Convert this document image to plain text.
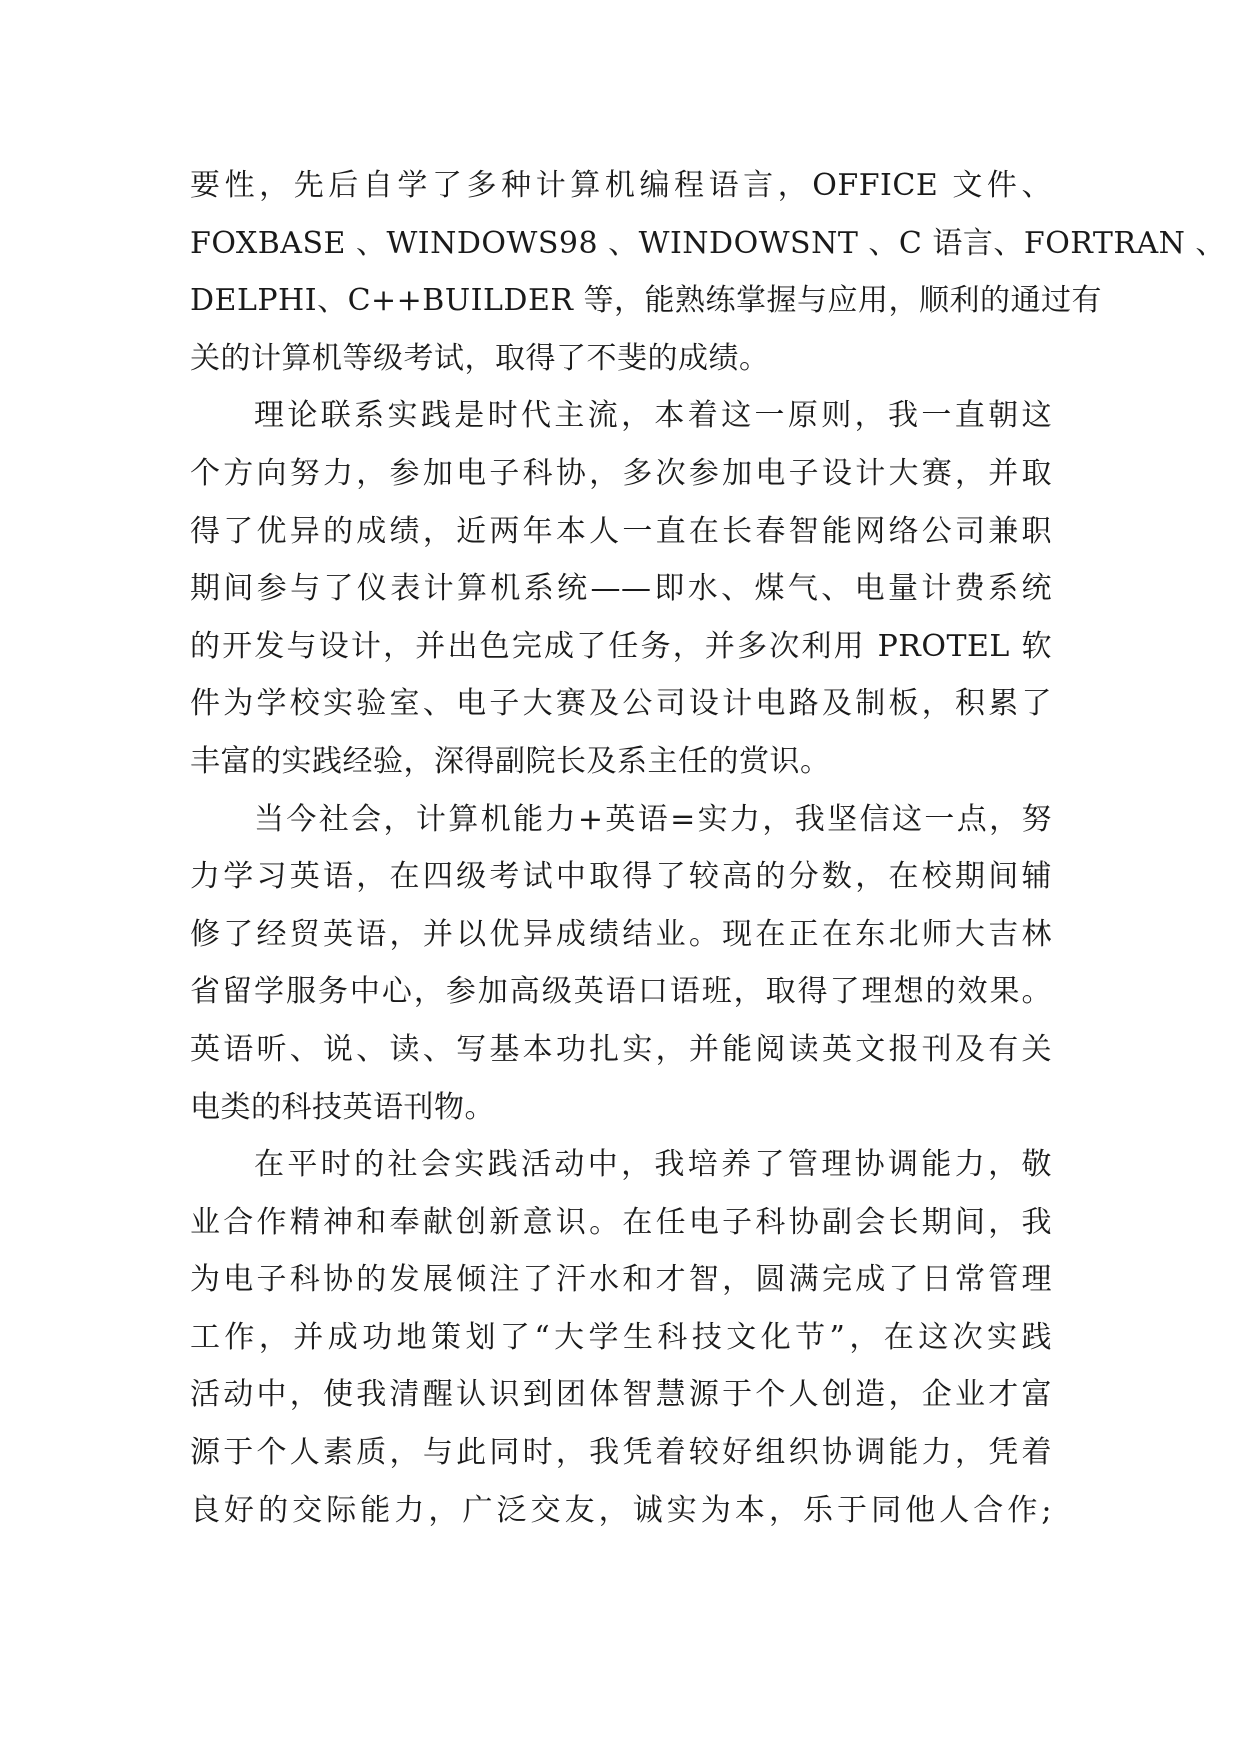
要性，先后自学了多种计算机编程语言，OFFICE 文件、
FOXBASE 、WINDOWS98 、WINDOWSNT 、C 语言、FORTRAN 、
DELPHI、C++BUILDER 等，能熟练掌握与应用，顺利的通过有
关的计算机等级考试，取得了不斐的成绩。
理论联系实践是时代主流，本着这一原则，我一直朝这
个方向努力，参加电子科协，多次参加电子设计大赛，并取
得了优异的成绩，近两年本人一直在长春智能网络公司兼职
期间参与了仪表计算机系统——即水、煤气、电量计费系统
的开发与设计，并出色完成了任务，并多次利用 PROTEL 软
件为学校实验室、电子大赛及公司设计电路及制板，积累了
丰富的实践经验，深得副院长及系主任的赏识。
当今社会，计算机能力+英语=实力，我坚信这一点，努
力学习英语，在四级考试中取得了较高的分数，在校期间辅
修了经贸英语，并以优异成绩结业。现在正在东北师大吉林
省留学服务中心，参加高级英语口语班，取得了理想的效果。
英语听、说、读、写基本功扎实，并能阅读英文报刊及有关
电类的科技英语刊物。
在平时的社会实践活动中，我培养了管理协调能力，敬
业合作精神和奉献创新意识。在任电子科协副会长期间，我
为电子科协的发展倾注了汗水和才智，圆满完成了日常管理
工作，并成功地策划了“大学生科技文化节”，在这次实践
活动中，使我清醒认识到团体智慧源于个人创造，企业才富
源于个人素质，与此同时，我凭着较好组织协调能力，凭着
良好的交际能力，广泛交友，诚实为本，乐于同他人合作;
